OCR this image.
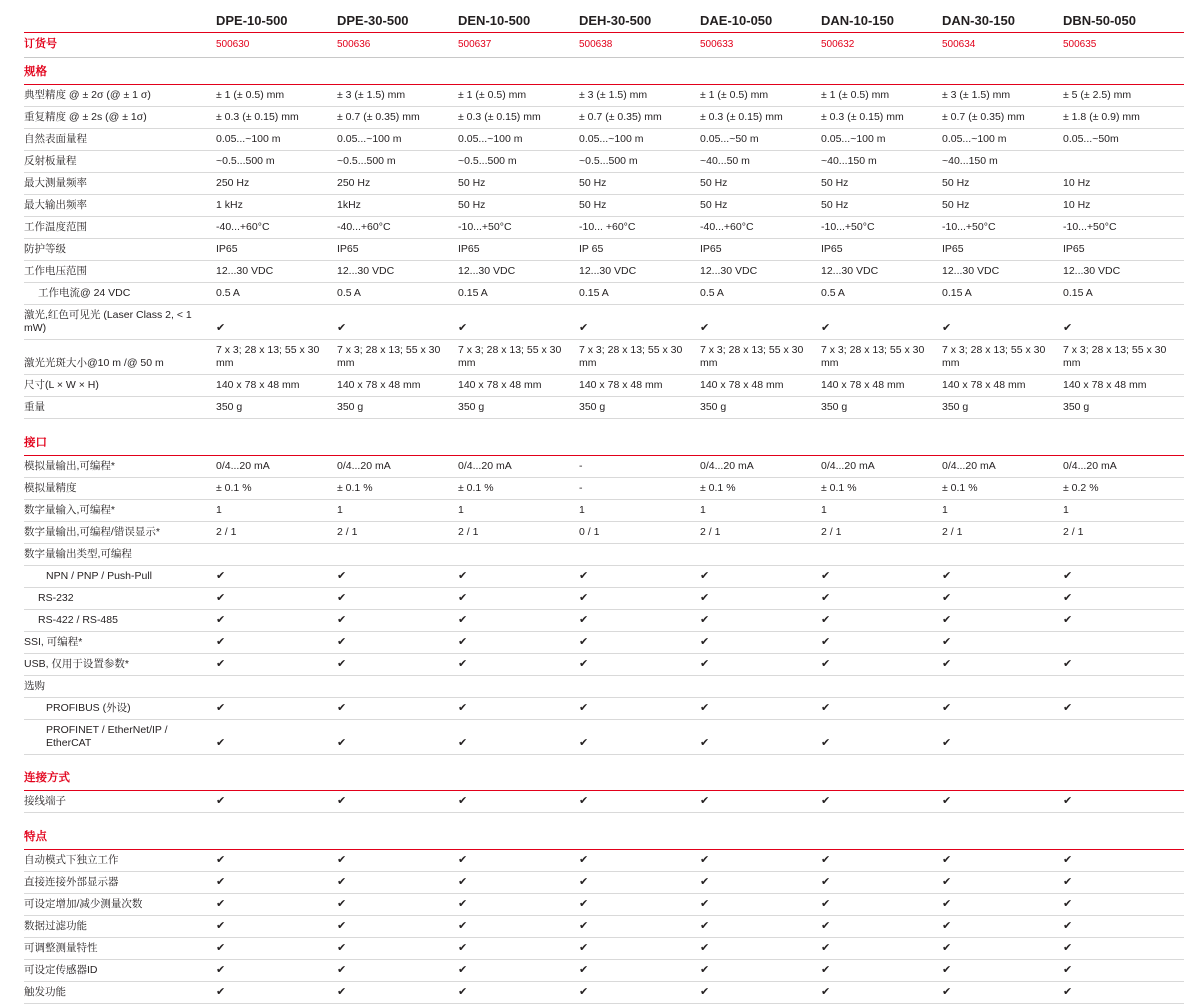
	DPE-10-500	DPE-30-500	DEN-10-500	DEH-30-500	DAE-10-050	DAN-10-150	DAN-30-150	DBN-50-050
订货号	500630	500636	500637	500638	500633	500632	500634	500635
规格								
典型精度 @ ± 2σ (@ ± 1 σ)	± 1 (± 0.5) mm	± 3 (± 1.5) mm	± 1 (± 0.5) mm	± 3 (± 1.5) mm	± 1 (± 0.5) mm	± 1 (± 0.5) mm	± 3 (± 1.5) mm	± 5 (± 2.5) mm
重复精度 @ ± 2s (@ ± 1σ)	± 0.3 (± 0.15) mm	± 0.7 (± 0.35) mm	± 0.3 (± 0.15) mm	± 0.7 (± 0.35) mm	± 0.3 (± 0.15) mm	± 0.3 (± 0.15) mm	± 0.7 (± 0.35) mm	± 1.8 (± 0.9) mm
自然表面量程	0.05...~100 m	0.05...~100 m	0.05...~100 m	0.05...~100 m	0.05...~50 m	0.05...~100 m	0.05...~100 m	0.05...~50m
反射板量程	~0.5...500 m	~0.5...500 m	~0.5...500 m	~0.5...500 m	~40...50 m	~40...150 m	~40...150 m	
最大测量频率	250 Hz	250 Hz	50 Hz	50 Hz	50 Hz	50 Hz	50 Hz	10 Hz
最大输出频率	1 kHz	1kHz	50 Hz	50 Hz	50 Hz	50 Hz	50 Hz	10 Hz
工作温度范围	-40...+60°C	-40...+60°C	-10...+50°C	-10... +60°C	-40...+60°C	-10...+50°C	-10...+50°C	-10...+50°C
防护等级	IP65	IP65	IP65	IP 65	IP65	IP65	IP65	IP65
工作电压范围	12...30 VDC	12...30 VDC	12...30 VDC	12...30 VDC	12...30 VDC	12...30 VDC	12...30 VDC	12...30 VDC
工作电流@ 24 VDC	0.5 A	0.5 A	0.15 A	0.15 A	0.5 A	0.5 A	0.15 A	0.15 A
激光,红色可见光 (Laser Class 2, < 1 mW)	✔	✔	✔	✔	✔	✔	✔	✔
激光光斑大小@10 m /@ 50 m	7 x 3; 28 x 13; 55 x 30 mm	7 x 3; 28 x 13; 55 x 30 mm	7 x 3; 28 x 13; 55 x 30 mm	7 x 3; 28 x 13; 55 x 30 mm	7 x 3; 28 x 13; 55 x 30 mm	7 x 3; 28 x 13; 55 x 30 mm	7 x 3; 28 x 13; 55 x 30 mm	7 x 3; 28 x 13; 55 x 30 mm
尺寸(L × W × H)	140 x 78 x 48 mm	140 x 78 x 48 mm	140 x 78 x 48 mm	140 x 78 x 48 mm	140 x 78 x 48 mm	140 x 78 x 48 mm	140 x 78 x 48 mm	140 x 78 x 48 mm
重量	350 g	350 g	350 g	350 g	350 g	350 g	350 g	350 g

接口								
模拟量输出,可编程*	0/4...20 mA	0/4...20 mA	0/4...20 mA	-	0/4...20 mA	0/4...20 mA	0/4...20 mA	0/4...20 mA
模拟量精度	± 0.1 %	± 0.1 %	± 0.1 %	-	± 0.1 %	± 0.1 %	± 0.1 %	± 0.2 %
数字量输入,可编程*	1	1	1	1	1	1	1	1
数字量输出,可编程/错误显示*	2 / 1	2 / 1	2 / 1	0 / 1	2 / 1	2 / 1	2 / 1	2 / 1
数字量输出类型,可编程								
NPN / PNP / Push-Pull	✔	✔	✔	✔	✔	✔	✔	✔
RS-232	✔	✔	✔	✔	✔	✔	✔	✔
RS-422 / RS-485	✔	✔	✔	✔	✔	✔	✔	✔
SSI, 可编程*	✔	✔	✔	✔	✔	✔	✔	
USB, 仅用于设置参数*	✔	✔	✔	✔	✔	✔	✔	✔
选购								
PROFIBUS (外设)	✔	✔	✔	✔	✔	✔	✔	✔
PROFINET / EtherNet/IP / EtherCAT	✔	✔	✔	✔	✔	✔	✔	

连接方式								
接线端子	✔	✔	✔	✔	✔	✔	✔	✔

特点								
自动模式下独立工作	✔	✔	✔	✔	✔	✔	✔	✔
直接连接外部显示器	✔	✔	✔	✔	✔	✔	✔	✔
可设定增加/减少测量次数	✔	✔	✔	✔	✔	✔	✔	✔
数据过滤功能	✔	✔	✔	✔	✔	✔	✔	✔
可调整测量特性	✔	✔	✔	✔	✔	✔	✔	✔
可设定传感器ID	✔	✔	✔	✔	✔	✔	✔	✔
触发功能	✔	✔	✔	✔	✔	✔	✔	✔
